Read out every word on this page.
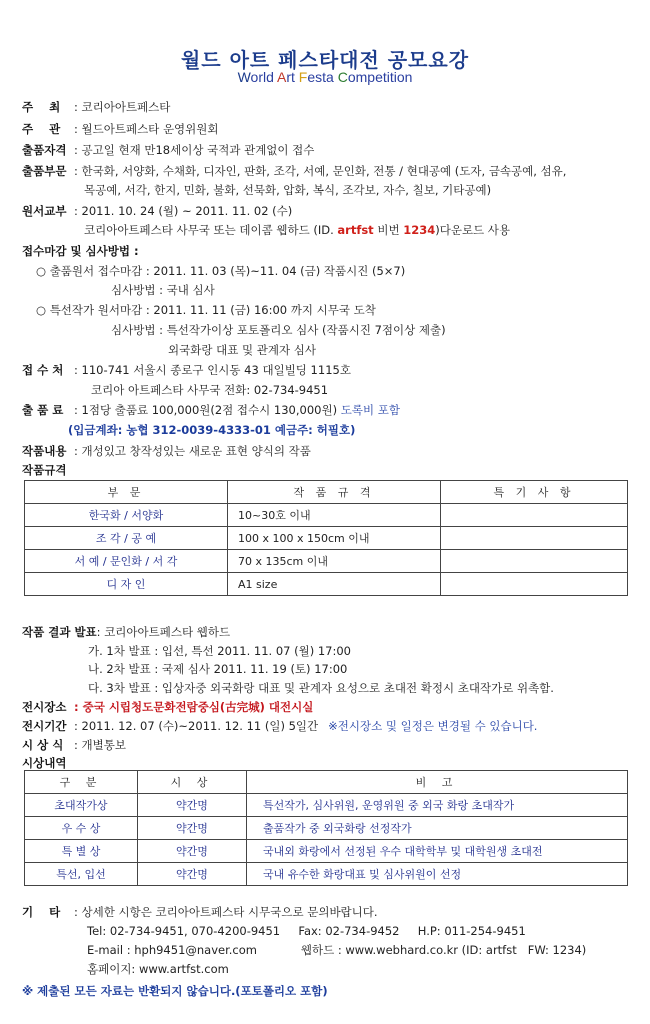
월드 아트 페스타대전 공모요강
World Art Festa Competition
주    최 : 코리아아트페스타
주    관 : 월드아트페스타 운영위원회
출품자격 : 공고일 현재 만18세이상 국적과 관계없이 접수
출품부문 : 한국화, 서양화, 수채화, 디자인, 판화, 조각, 서예, 문인화, 전통 / 현대공예 (도자, 금속공예, 섬유,
목공예, 서각, 한지, 민화, 불화, 선묵화, 압화, 복식, 조각보, 자수, 칠보, 기타공예)
원서교부 : 2011. 10. 24 (월) ~ 2011. 11. 02 (수)
코리아아트페스타 사무국 또는 데이콤 웹하드 (ID. artfst 비번 1234)다운로드 사용
접수마감 및 심사방법 :
○ 출품원서 접수마감 : 2011. 11. 03 (목)~11. 04 (금) 작품시진 (5×7)
심사방법 : 국내 심사
○ 특선작가 원서마감 : 2011. 11. 11 (금) 16:00 까지 시무국 도착
심사방법 : 특선작가이상 포토폴리오 심사 (작품시진 7점이상 제출)
외국화랑 대표 및 관계자 심사
접 수 처 : 110-741 서울시 종로구 인시동 43 대일빌딩 1115호
코리아 아트페스타 사무국 전화: 02-734-9451
출 품 료 : 1점당 출품료 100,000원(2점 접수시 130,000원) 도록비 포함
(입금계좌: 농협 312-0039-4333-01 예금주: 허필호)
작품내용 : 개성있고 창작성있는 새로운 표현 양식의 작품
작품규격
부 문	작 품 규 격	특 기 사 항
한국화 / 서양화	10~30호 이내	
조 각 / 공 예	100 x 100 x 150cm 이내	
서 예 / 문인화 / 서 각	70 x 135cm 이내	
디 자 인	A1 size	
작품 결과 발표: 코리아아트페스타 웹하드
가. 1차 발표 : 입선, 특선 2011. 11. 07 (월) 17:00
나. 2차 발표 : 국제 심사 2011. 11. 19 (토) 17:00
다. 3차 발표 : 입상자중 외국화랑 대표 및 관계자 요성으로 초대전 확정시 초대작가로 위촉함.
전시장소 : 중국 시립청도문화전람중심(古完城) 대전시실
전시기간 : 2011. 12. 07 (수)~2011. 12. 11 (일) 5일간 ※전시장소 및 일정은 변경될 수 있습니다.
시 상 식 : 개별통보
시상내역
구 분	시 상	비 고
초대작가상	약간명	특선작가, 심사위원, 운영위원 중 외국 화랑 초대작가
우 수 상	약간명	출품작가 중 외국화랑 선정작가
특 별 상	약간명	국내외 화랑에서 선정된 우수 대학학부 및 대학원생 초대전
특선, 입선	약간명	국내 유수한 화랑대표 및 심사위원이 선정
기    타 : 상세한 시항은 코리아아트페스타 시무국으로 문의바랍니다.
Tel: 02-734-9451, 070-4200-9451     Fax: 02-734-9452     H.P: 011-254-9451
E-mail : hph9451@naver.com            웹하드 : www.webhard.co.kr (ID: artfst   FW: 1234)
홈페이지: www.artfst.com
※ 제출된 모든 자료는 반환되지 않습니다.(포토폴리오 포함)
